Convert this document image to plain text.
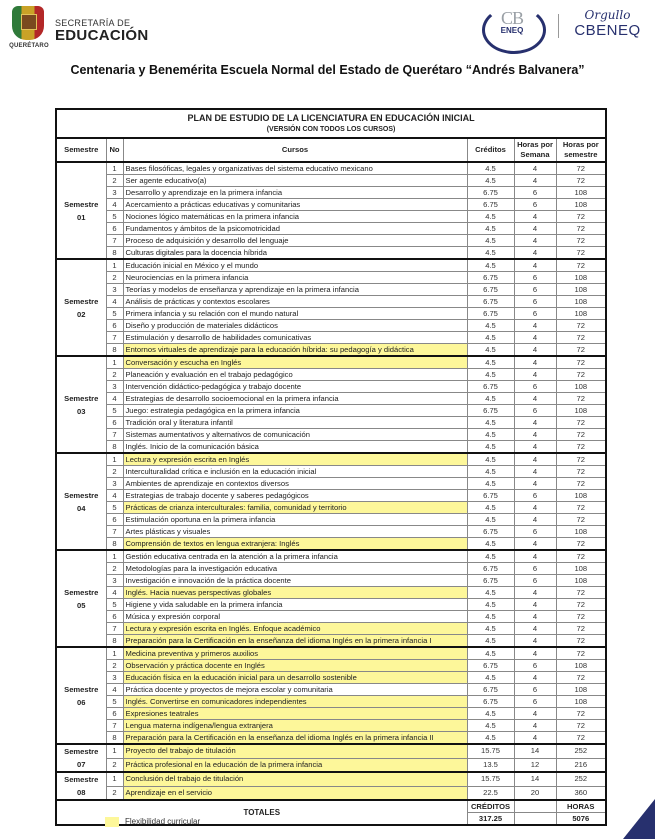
QUERÉTARO
SECRETARÍA DE
EDUCACIÓN
CB
ENEQ
Orgullo
CBENEQ
Centenaria y Benemérita Escuela Normal del Estado de Querétaro “Andrés Balvanera”
PLAN DE ESTUDIO DE LA LICENCIATURA EN EDUCACIÓN INICIAL
(VERSIÓN CON TODOS LOS CURSOS)					

Semestre	No	Cursos	Créditos	Horas por Semana	Horas por semestre
Semestre 01	1	Bases filosóficas, legales y organizativas del sistema educativo mexicano	4.5	4	72
	2	Ser agente educativo(a)	4.5	4	72
	3	Desarrollo y aprendizaje en la primera infancia	6.75	6	108
	4	Acercamiento a prácticas educativas y comunitarias	6.75	6	108
	5	Nociones lógico matemáticas en la primera infancia	4.5	4	72
	6	Fundamentos y ámbitos de la psicomotricidad	4.5	4	72
	7	Proceso de adquisición y desarrollo del lenguaje	4.5	4	72
	8	Culturas digitales para la docencia híbrida	4.5	4	72
Semestre 02	1	Educación inicial en México y el mundo	4.5	4	72
	2	Neurociencias en la primera infancia	6.75	6	108
	3	Teorías y modelos de enseñanza y aprendizaje en la primera infancia	6.75	6	108
	4	Análisis de prácticas y contextos escolares	6.75	6	108
	5	Primera infancia y su relación con el mundo natural	6.75	6	108
	6	Diseño y producción de materiales didácticos	4.5	4	72
	7	Estimulación y desarrollo de habilidades comunicativas	4.5	4	72
	8	Entornos virtuales de aprendizaje para la educación híbrida: su pedagogía y didáctica	4.5	4	72
Semestre 03	1	Conversación y escucha en Inglés	4.5	4	72
	2	Planeación y evaluación en el trabajo pedagógico	4.5	4	72
	3	Intervención didáctico-pedagógica y trabajo docente	6.75	6	108
	4	Estrategias de desarrollo socioemocional en la primera infancia	4.5	4	72
	5	Juego: estrategia pedagógica en la primera infancia	6.75	6	108
	6	Tradición oral y literatura infantil	4.5	4	72
	7	Sistemas aumentativos y alternativos de comunicación	4.5	4	72
	8	Inglés. Inicio de la comunicación básica	4.5	4	72
Semestre 04	1	Lectura y expresión escrita en Inglés	4.5	4	72
	2	Interculturalidad crítica e inclusión en la educación inicial	4.5	4	72
	3	Ambientes de aprendizaje en contextos diversos	4.5	4	72
	4	Estrategias de trabajo docente y saberes pedagógicos	6.75	6	108
	5	Prácticas de crianza interculturales: familia, comunidad y territorio	4.5	4	72
	6	Estimulación oportuna en la primera infancia	4.5	4	72
	7	Artes plásticas y visuales	6.75	6	108
	8	Comprensión de textos en lengua extranjera: Inglés	4.5	4	72
Semestre 05	1	Gestión educativa centrada en la atención a la primera infancia	4.5	4	72
	2	Metodologías para la investigación educativa	6.75	6	108
	3	Investigación e innovación de la práctica docente	6.75	6	108
	4	Inglés. Hacia nuevas perspectivas globales	4.5	4	72
	5	Higiene y vida saludable en la primera infancia	4.5	4	72
	6	Música y expresión corporal	4.5	4	72
	7	Lectura y expresión escrita en Inglés. Enfoque académico	4.5	4	72
	8	Preparación para la Certificación en la enseñanza del idioma Inglés en la primera infancia I	4.5	4	72
Semestre 06	1	Medicina preventiva y primeros auxilios	4.5	4	72
	2	Observación y práctica docente en Inglés	6.75	6	108
	3	Educación física en la educación inicial para un desarrollo sostenible	4.5	4	72
	4	Práctica docente y proyectos de mejora escolar y comunitaria	6.75	6	108
	5	Inglés. Convertirse en comunicadores independientes	6.75	6	108
	6	Expresiones teatrales	4.5	4	72
	7	Lengua materna indígena/lengua extranjera	4.5	4	72
	8	Preparación para la Certificación en la enseñanza del idioma Inglés en la primera infancia II	4.5	4	72
Semestre 07	1	Proyecto del trabajo de titulación	15.75	14	252
	2	Práctica profesional en la educación de la primera infancia	13.5	12	216
Semestre 08	1	Conclusión del trabajo de titulación	15.75	14	252
	2	Aprendizaje en el servicio	22.5	20	360
TOTALES			CRÉDITOS		HORAS
			317.25		5076
Flexibilidad curricular
